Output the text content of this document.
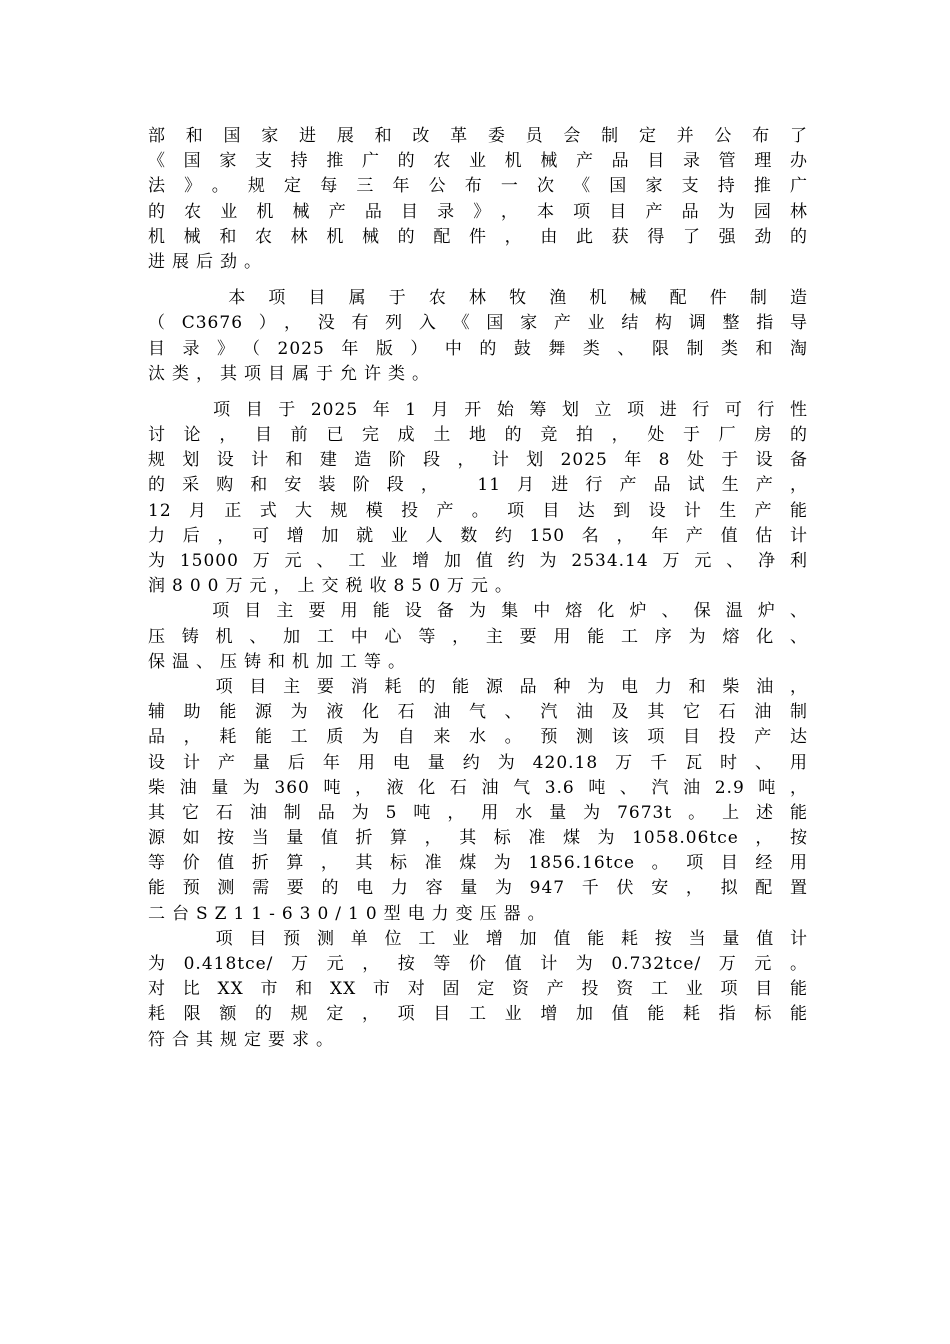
部和国家进展和改革委员会制定并公布了
《国家支持推广的农业机械产品目录管理办
法》。规定每三年公布一次《国家支持推广
的农业机械产品目录》，本项目产品为园林
机械和农林机械的配件，由此获得了强劲的
进展后劲。
　　本项目属于农林牧渔机械配件制造
（C3676），没有列入《国家产业结构调整指导
目录》（2025年版）中的鼓舞类、限制类和淘
汰类，其项目属于允许类。
　　项目于2025年1月开始筹划立项进行可行性
讨论，目前已完成土地的竞拍，处于厂房的
规划设计和建造阶段，计划2025年8处于设备
的采购和安装阶段， 11月进行产品试生产，
12月正式大规模投产。项目达到设计生产能
力后，可增加就业人数约150名，年产值估计
为15000万元、工业增加值约为2534.14万元、净利
润800万元，上交税收850万元。
　　项目主要用能设备为集中熔化炉、保温炉、
压铸机、加工中心等，主要用能工序为熔化、
保温、压铸和机加工等。
　　项目主要消耗的能源品种为电力和柴油，
辅助能源为液化石油气、汽油及其它石油制
品，耗能工质为自来水。预测该项目投产达
设计产量后年用电量约为420.18万千瓦时、用
柴油量为360吨，液化石油气3.6吨、汽油2.9吨，
其它石油制品为5吨，用水量为7673t。上述能
源如按当量值折算，其标准煤为1058.06tce，按
等价值折算，其标准煤为1856.16tce。项目经用
能预测需要的电力容量为947千伏安，拟配置
二台SZ11-630/10型电力变压器。
　　项目预测单位工业增加值能耗按当量值计
为0.418tce/万元，按等价值计为0.732tce/万元。
对比XX市和XX市对固定资产投资工业项目能
耗限额的规定，项目工业增加值能耗指标能
符合其规定要求。
